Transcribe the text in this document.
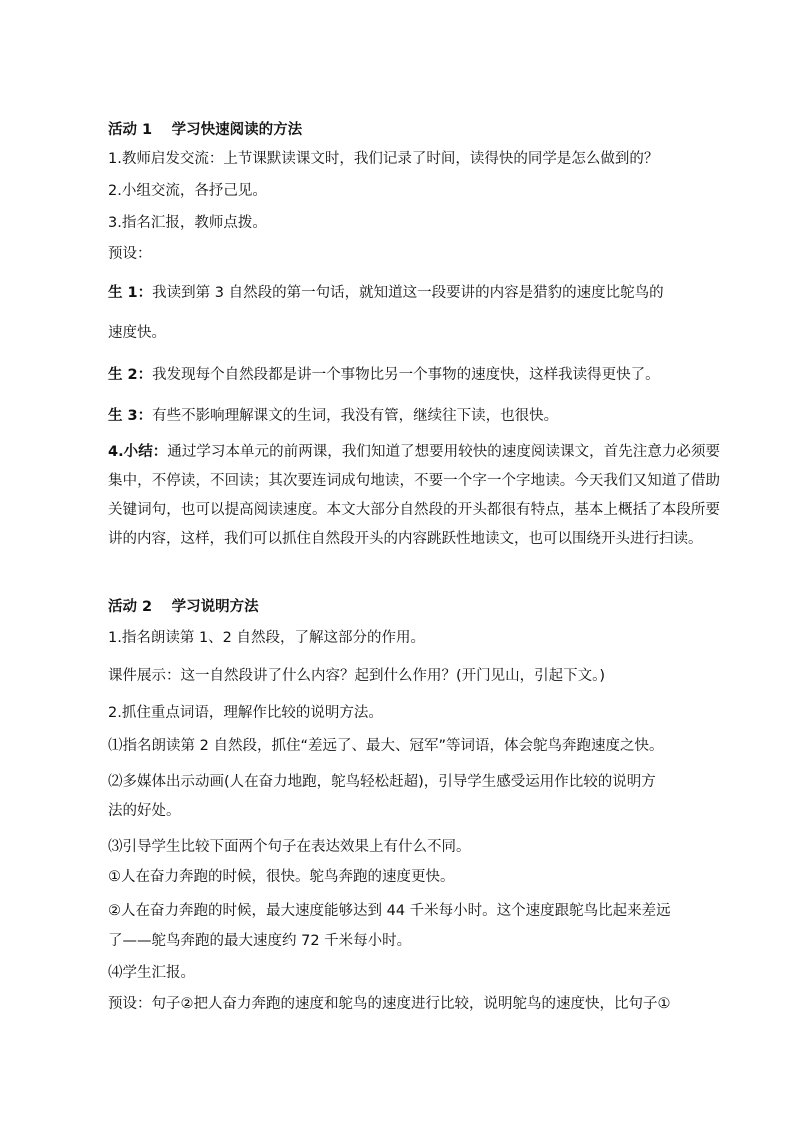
活动 1　 学习快速阅读的方法
1.教师启发交流：上节课默读课文时，我们记录了时间，读得快的同学是怎么做到的？
2.小组交流，各抒己见。
3.指名汇报，教师点拨。
预设：
生 1：我读到第 3 自然段的第一句话，就知道这一段要讲的内容是猎豹的速度比鸵鸟的
速度快。
生 2：我发现每个自然段都是讲一个事物比另一个事物的速度快，这样我读得更快了。
生 3：有些不影响理解课文的生词，我没有管，继续往下读，也很快。
4.小结：通过学习本单元的前两课，我们知道了想要用较快的速度阅读课文，首先注意力必须要集中，不停读，不回读；其次要连词成句地读，不要一个字一个字地读。今天我们又知道了借助关键词句，也可以提高阅读速度。本文大部分自然段的开头都很有特点，基本上概括了本段所要讲的内容，这样，我们可以抓住自然段开头的内容跳跃性地读文，也可以围绕开头进行扫读。
活动 2　 学习说明方法
1.指名朗读第 1、2 自然段，了解这部分的作用。
课件展示：这一自然段讲了什么内容？起到什么作用？(开门见山，引起下文。)
2.抓住重点词语，理解作比较的说明方法。
⑴指名朗读第 2 自然段，抓住“差远了、最大、冠军”等词语，体会鸵鸟奔跑速度之快。
⑵多媒体出示动画(人在奋力地跑，鸵鸟轻松赶超)，引导学生感受运用作比较的说明方
法的好处。
⑶引导学生比较下面两个句子在表达效果上有什么不同。
①人在奋力奔跑的时候，很快。鸵鸟奔跑的速度更快。
②人在奋力奔跑的时候，最大速度能够达到 44 千米每小时。这个速度跟鸵鸟比起来差远
了——鸵鸟奔跑的最大速度约 72 千米每小时。
⑷学生汇报。
预设：句子②把人奋力奔跑的速度和鸵鸟的速度进行比较，说明鸵鸟的速度快，比句子①
